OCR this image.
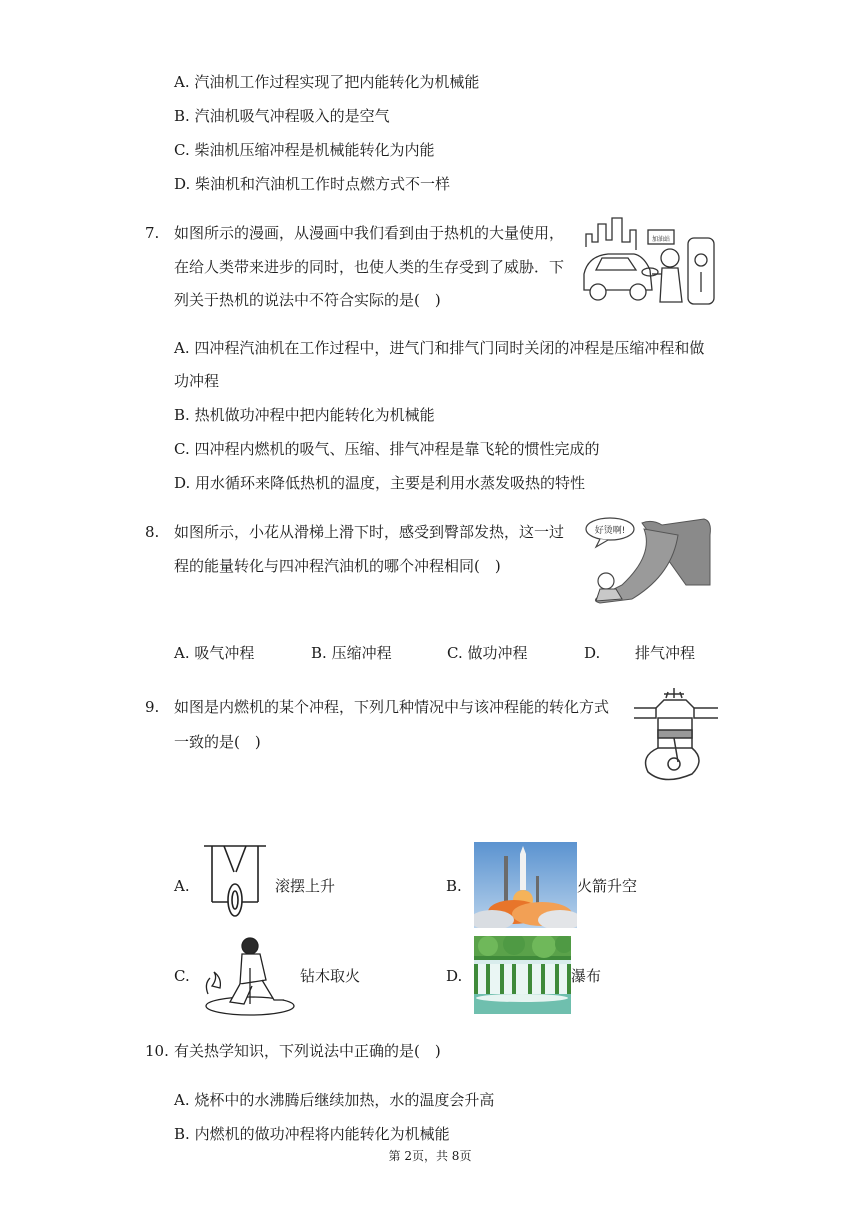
A. 汽油机工作过程实现了把内能转化为机械能
B. 汽油机吸气冲程吸入的是空气
C. 柴油机压缩冲程是机械能转化为内能
D. 柴油机和汽油机工作时点燃方式不一样
7. 如图所示的漫画，从漫画中我们看到由于热机的大量使用，
在给人类带来进步的同时，也使人类的生存受到了威胁．下
列关于热机的说法中不符合实际的是(　)
加油站
A. 四冲程汽油机在工作过程中，进气门和排气门同时关闭的冲程是压缩冲程和做
功冲程
B. 热机做功冲程中把内能转化为机械能
C. 四冲程内燃机的吸气、压缩、排气冲程是靠飞轮的惯性完成的
D. 用水循环来降低热机的温度，主要是利用水蒸发吸热的特性
8. 如图所示，小花从滑梯上滑下时，感受到臀部发热，这一过
程的能量转化与四冲程汽油机的哪个冲程相同(　)
好烫啊!
A. 吸气冲程	B. 压缩冲程	C. 做功冲程	D. 排气冲程
9. 如图是内燃机的某个冲程，下列几种情况中与该冲程能的转化方式
一致的是(　)
A.	滚摆上升	B.	火箭升空
C.	钻木取火	D.	瀑布
10. 有关热学知识，下列说法中正确的是(　)
A. 烧杯中的水沸腾后继续加热，水的温度会升高
B. 内燃机的做功冲程将内能转化为机械能
第 2页，共 8页
